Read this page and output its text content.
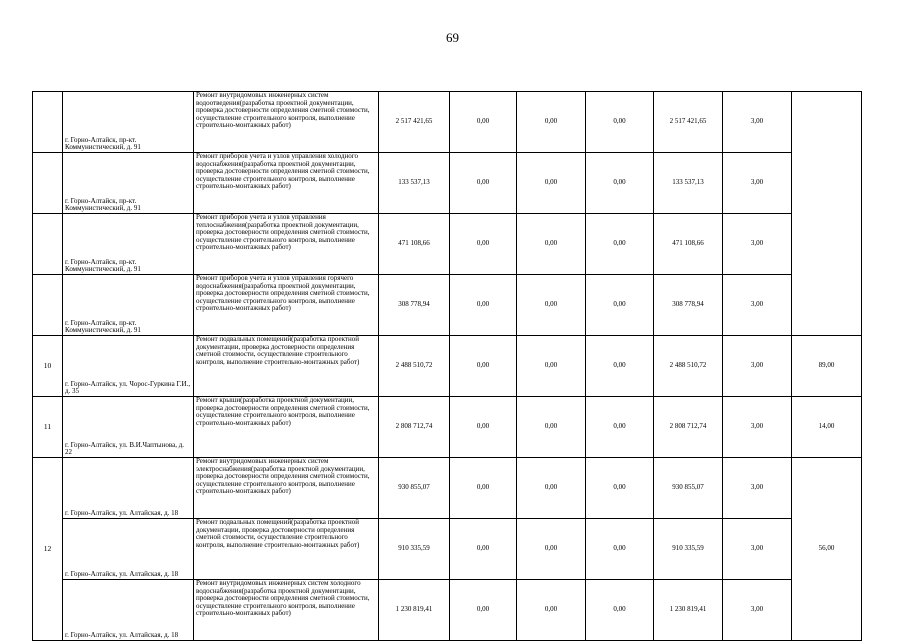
69
	г. Горно-Алтайск, пр-кт. Коммунистический, д. 91	Ремонт внутридомовых инженерных систем водоотведения(разработка проектной документации, проверка достоверности определения сметной стоимости, осуществление строительного контроля, выполнение строительно-монтажных работ)	2 517 421,65	0,00	0,00	0,00	2 517 421,65	3,00	
	г. Горно-Алтайск, пр-кт. Коммунистический, д. 91	Ремонт приборов учета и узлов управления холодного водоснабжения(разработка проектной документации, проверка достоверности определения сметной стоимости, осуществление строительного контроля, выполнение строительно-монтажных работ)	133 537,13	0,00	0,00	0,00	133 537,13	3,00	
	г. Горно-Алтайск, пр-кт. Коммунистический, д. 91	Ремонт приборов учета и узлов управления теплоснабжения(разработка проектной документации, проверка достоверности определения сметной стоимости, осуществление строительного контроля, выполнение строительно-монтажных работ)	471 108,66	0,00	0,00	0,00	471 108,66	3,00	
	г. Горно-Алтайск, пр-кт. Коммунистический, д. 91	Ремонт приборов учета и узлов управления горячего водоснабжения(разработка проектной документации, проверка достоверности определения сметной стоимости, осуществление строительного контроля, выполнение строительно-монтажных работ)	308 778,94	0,00	0,00	0,00	308 778,94	3,00	
10	г. Горно-Алтайск, ул. Чорос-Гуркина Г.И., д. 35	Ремонт подвальных помещений(разработка проектной документации, проверка достоверности определения сметной стоимости, осуществление строительного контроля, выполнение строительно-монтажных работ)	2 488 510,72	0,00	0,00	0,00	2 488 510,72	3,00	89,00
11	г. Горно-Алтайск, ул. В.И.Чаптынова, д. 22	Ремонт крыши(разработка проектной документации, проверка достоверности определения сметной стоимости, осуществление строительного контроля, выполнение строительно-монтажных работ)	2 808 712,74	0,00	0,00	0,00	2 808 712,74	3,00	14,00
12	г. Горно-Алтайск, ул. Алтайская, д. 18	Ремонт внутридомовых инженерных систем электроснабжения(разработка проектной документации, проверка достоверности определения сметной стоимости, осуществление строительного контроля, выполнение строительно-монтажных работ)	930 855,07	0,00	0,00	0,00	930 855,07	3,00	56,00
	г. Горно-Алтайск, ул. Алтайская, д. 18	Ремонт подвальных помещений(разработка проектной документации, проверка достоверности определения сметной стоимости, осуществление строительного контроля, выполнение строительно-монтажных работ)	910 335,59	0,00	0,00	0,00	910 335,59	3,00	
	г. Горно-Алтайск, ул. Алтайская, д. 18	Ремонт внутридомовых инженерных систем холодного водоснабжения(разработка проектной документации, проверка достоверности определения сметной стоимости, осуществление строительного контроля, выполнение строительно-монтажных работ)	1 230 819,41	0,00	0,00	0,00	1 230 819,41	3,00	
